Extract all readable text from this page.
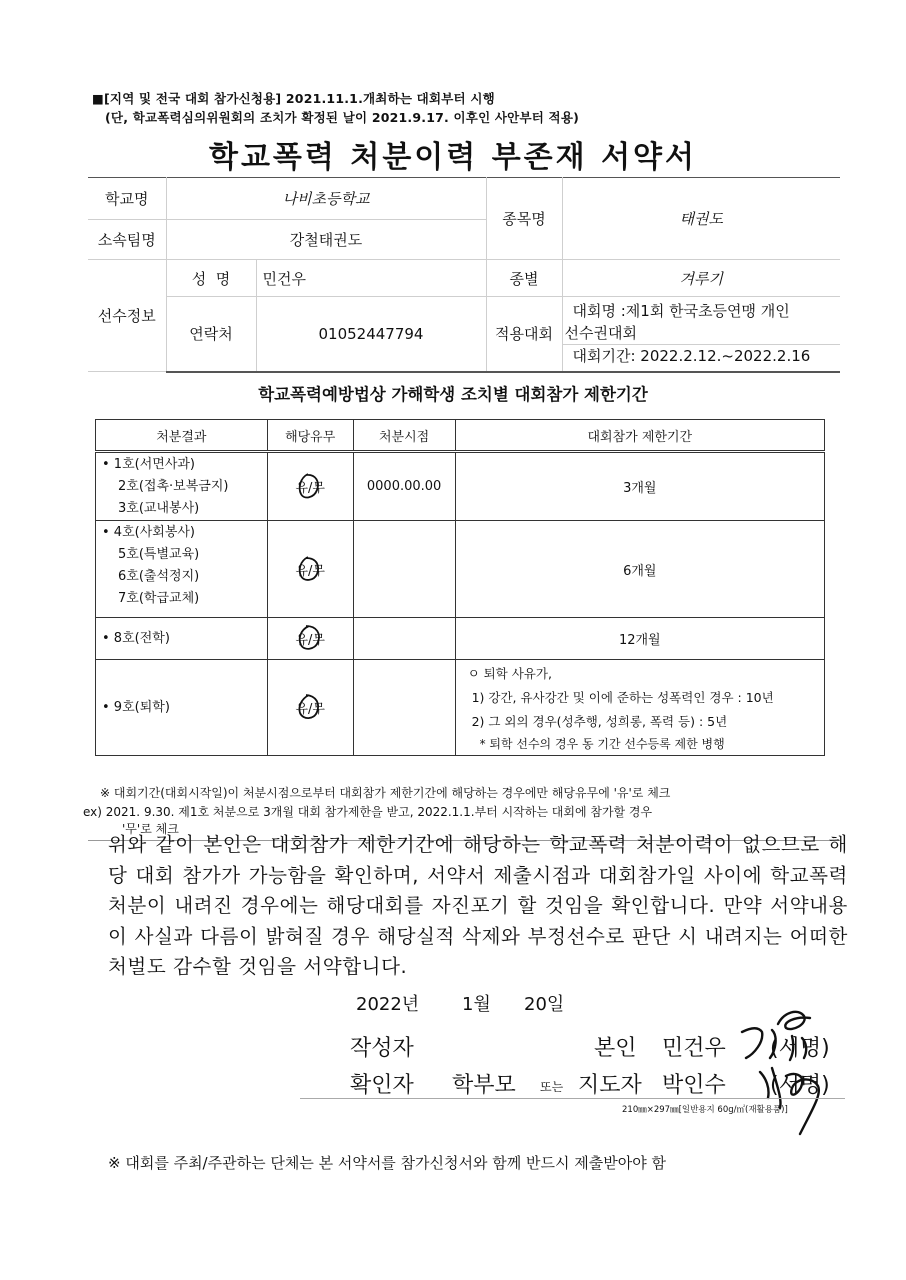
■[지역 및 전국 대회 참가신청용] 2021.11.1.개최하는 대회부터 시행
(단, 학교폭력심의위원회의 조치가 확정된 날이 2021.9.17. 이후인 사안부터 적용)
학교폭력 처분이력 부존재 서약서
학교명	나비초등학교		종목명	태권도
소속팀명	강철태권도			
선수정보	성  명	민건우	종별	겨루기
	연락처	01052447794	적용대회	대회명 :제1회 한국초등연맹 개인
선수권대회
대회기간: 2022.2.12.~2022.2.16
학교폭력예방법상 가해학생 조치별 대회참가 제한기간
처분결과	해당유무	처분시점	대회참가 제한기간

• 1호(서면사과)
2호(접촉·보복금지)
3호(교내봉사)	유/무	0000.00.00	3개월

• 4호(사회봉사)
5호(특별교육)
6호(출석정지)
7호(학급교체)	유/무		6개월

• 8호(전학)	유/무		12개월

• 9호(퇴학)	유/무		ㅇ 퇴학 사유가,
1) 강간, 유사강간 및 이에 준하는 성폭력인 경우 : 10년
2) 그 외의 경우(성추행, 성희롱, 폭력 등) : 5년
* 퇴학 선수의 경우 동 기간 선수등록 제한 병행
※ 대회기간(대회시작일)이 처분시점으로부터 대회참가 제한기간에 해당하는 경우에만 해당유무에 '유'로 체크
ex) 2021. 9.30. 제1호 처분으로 3개월 대회 참가제한을 받고, 2022.1.1.부터 시작하는 대회에 참가할 경우
'무'로 체크

위와 같이 본인은 대회참가 제한기간에 해당하는 학교폭력 처분이력이 없으므로 해당 대회 참가가 가능함을 확인하며, 서약서 제출시점과 대회참가일 사이에 학교폭력 처분이 내려진 경우에는 해당대회를 자진포기 할 것임을 확인합니다. 만약 서약내용이 사실과 다름이 밝혀질 경우 해당실적 삭제와 부정선수로 판단 시 내려지는 어떠한 처벌도 감수할 것임을 서약합니다.

2022년 1월 20일
작성자	본인 민건우 (서명)
확인자 학부모 또는 지도자 박인수 (서명)
210㎜×297㎜[일반용지 60g/㎡(재활용품)]
※ 대회를 주최/주관하는 단체는 본 서약서를 참가신청서와 함께 반드시 제출받아야 함
